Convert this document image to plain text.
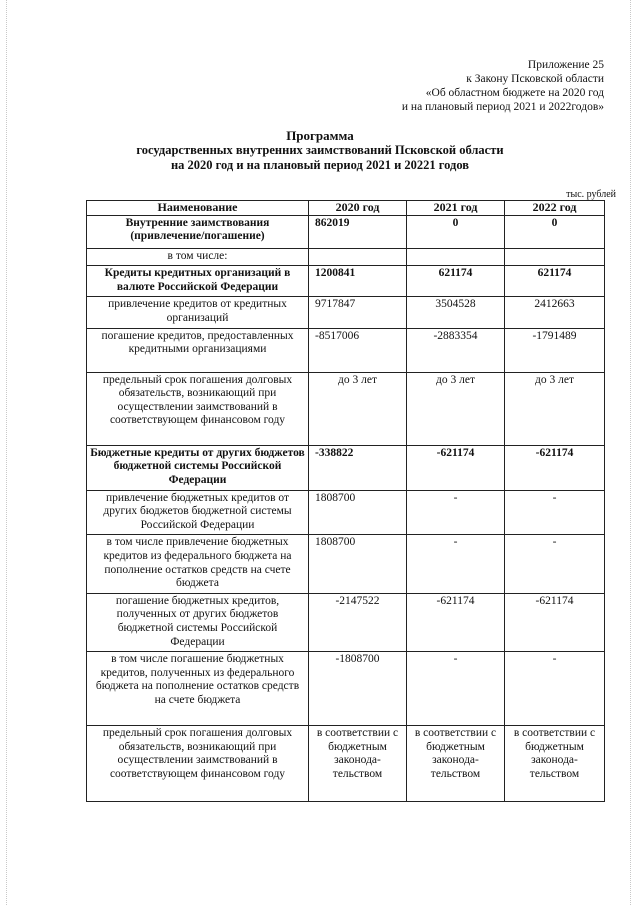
Приложение 25
к Закону Псковской области
«Об областном бюджете на 2020 год
и на плановый период 2021 и 2022годов»
Программа
государственных внутренних заимствований Псковской области
на 2020 год и на плановый период 2021 и 20221 годов
тыс. рублей
Наименование	2020 год	2021 год	2022 год
Внутренние заимствования (привлечение/погашение)	862019	0	0
в том числе:			
Кредиты кредитных организаций в валюте Российской Федерации	1200841	621174	621174
привлечение кредитов от кредитных организаций	9717847	3504528	2412663
погашение кредитов, предоставленных кредитными организациями	-8517006	-2883354	-1791489
предельный срок погашения долговых обязательств, возникающий при осуществлении заимствований в соответствующем финансовом году	до 3 лет	до 3 лет	до 3 лет
Бюджетные кредиты от других бюджетов бюджетной системы Российской Федерации	-338822	-621174	-621174
привлечение бюджетных кредитов от других бюджетов бюджетной системы Российской Федерации	1808700	-	-
в том числе привлечение бюджетных кредитов из федерального бюджета на пополнение остатков средств на счете бюджета	1808700	-	-
погашение бюджетных кредитов, полученных от других бюджетов бюджетной системы Российской Федерации	-2147522	-621174	-621174
в том числе погашение бюджетных кредитов, полученных из федерального бюджета на пополнение остатков средств на счете бюджета	-1808700	-	-
предельный срок погашения долговых обязательств, возникающий при осуществлении заимствований в соответствующем финансовом году	в соответствии с бюджетным законода-тельством	в соответствии с бюджетным законода-тельством	в соответствии с бюджетным законода-тельством
